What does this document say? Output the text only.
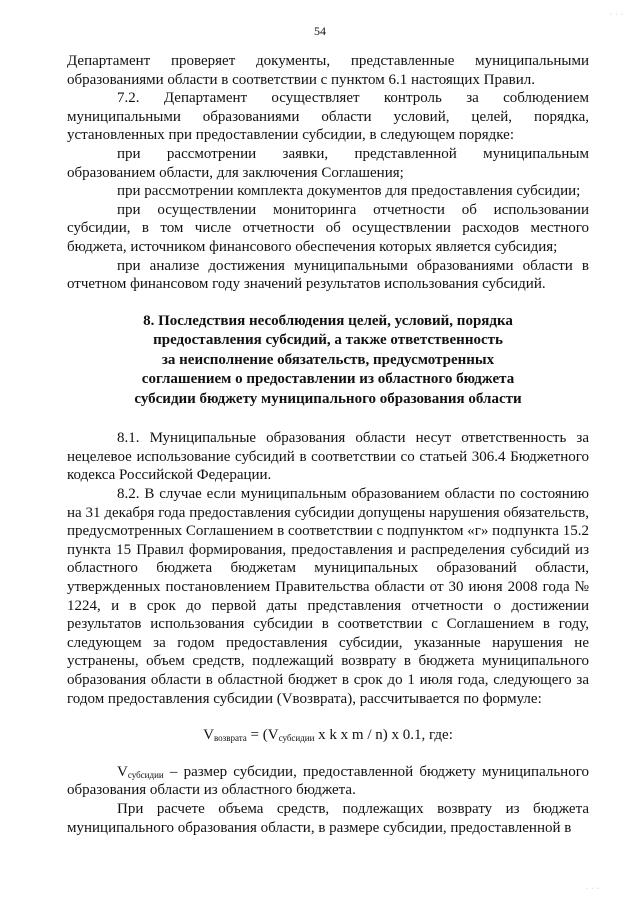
· · ·
54

Департамент проверяет документы, представленные муниципальными образованиями области в соответствии с пунктом 6.1 настоящих Правил.

7.2. Департамент осуществляет контроль за соблюдением муниципальными образованиями области условий, целей, порядка, установленных при предоставлении субсидии, в следующем порядке:

при рассмотрении заявки, представленной муниципальным образованием области, для заключения Соглашения;

при рассмотрении комплекта документов для предоставления субсидии;

при осуществлении мониторинга отчетности об использовании субсидии, в том числе отчетности об осуществлении расходов местного бюджета, источником финансового обеспечения которых является субсидия;

при анализе достижения муниципальными образованиями области в отчетном финансовом году значений результатов использования субсидий.

8. Последствия несоблюдения целей, условий, порядка

предоставления субсидий, а также ответственность

за неисполнение обязательств, предусмотренных

соглашением о предоставлении из областного бюджета

субсидии бюджету муниципального образования области

8.1. Муниципальные образования области несут ответственность за нецелевое использование субсидий в соответствии со статьей 306.4 Бюджетного кодекса Российской Федерации.

8.2. В случае если муниципальным образованием области по состоянию на 31 декабря года предоставления субсидии допущены нарушения обязательств, предусмотренных Соглашением в соответствии с подпунктом «г» подпункта 15.2 пункта 15 Правил формирования, предоставления и распределения субсидий из областного бюджета бюджетам муниципальных образований области, утвержденных постановлением Правительства области от 30 июня 2008 года № 1224, и в срок до первой даты представления отчетности о достижении результатов использования субсидии в соответствии с Соглашением в году, следующем за годом предоставления субсидии, указанные нарушения не устранены, объем средств, подлежащий возврату в бюджета муниципального образования области в областной бюджет в срок до 1 июля года, следующего за годом предоставления субсидии (Vвозврата), рассчитывается по формуле:

$V_{возврата} = (V_{субсидии}$ x k x m / n) x 0.1, где:

$V_{субсидии}$ – размер субсидии, предоставленной бюджету муниципального образования области из областного бюджета.

При расчете объема средств, подлежащих возврату из бюджета муниципального образования области, в размере субсидии, предоставленной в

· · ·
